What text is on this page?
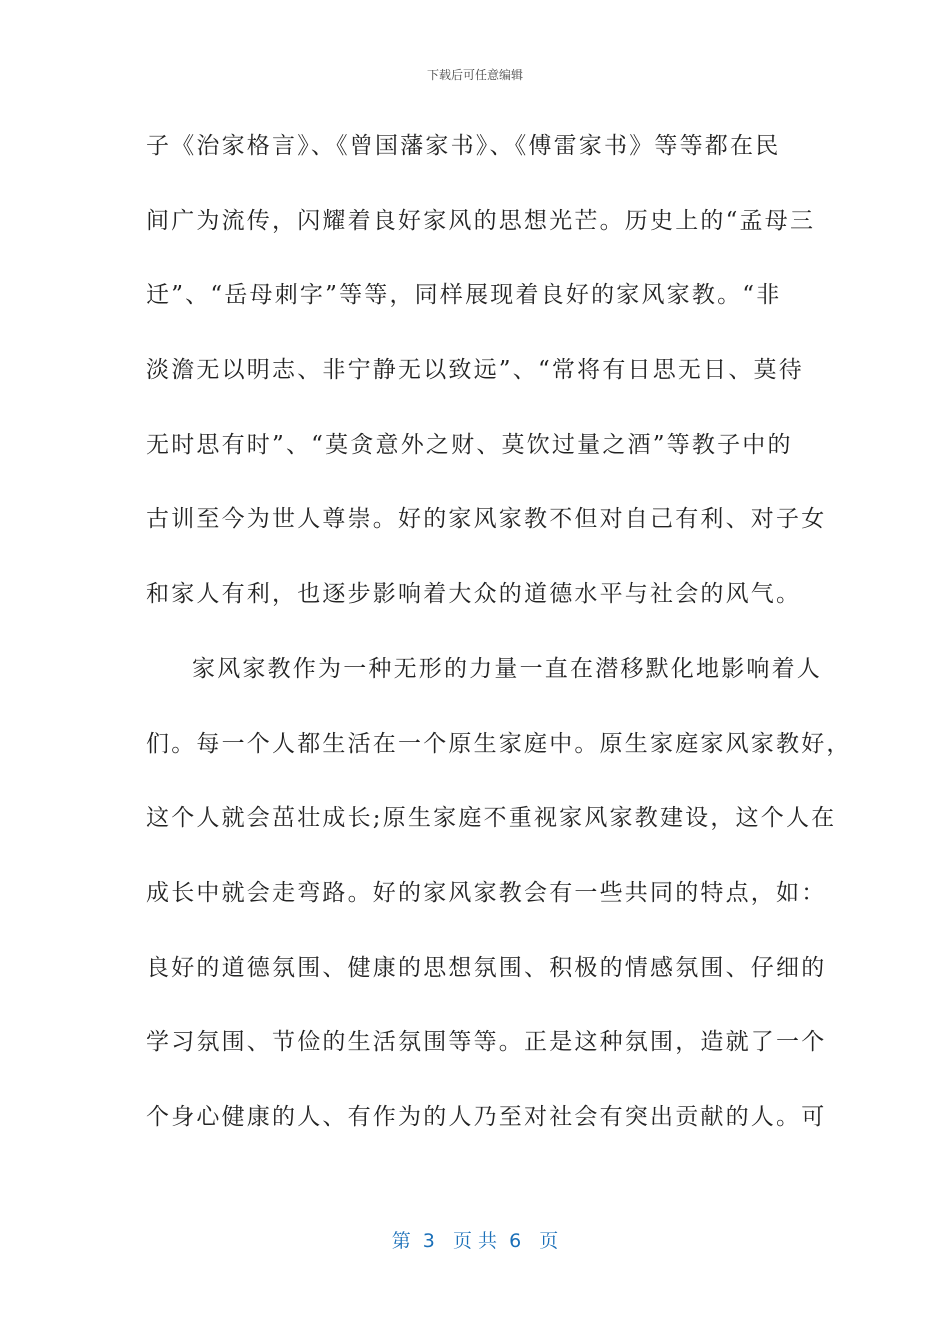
下载后可任意编辑
子《治家格言》、《曾国藩家书》、《傅雷家书》等等都在民
间广为流传，闪耀着良好家风的思想光芒。历史上的“孟母三
迁”、“岳母刺字”等等，同样展现着良好的家风家教。“非
淡澹无以明志、非宁静无以致远”、“常将有日思无日、莫待
无时思有时”、“莫贪意外之财、莫饮过量之酒”等教子中的
古训至今为世人尊崇。好的家风家教不但对自己有利、对子女
和家人有利，也逐步影响着大众的道德水平与社会的风气。
家风家教作为一种无形的力量一直在潜移默化地影响着人
们。每一个人都生活在一个原生家庭中。原生家庭家风家教好，
这个人就会茁壮成长;原生家庭不重视家风家教建设，这个人在
成长中就会走弯路。好的家风家教会有一些共同的特点，如：
良好的道德氛围、健康的思想氛围、积极的情感氛围、仔细的
学习氛围、节俭的生活氛围等等。正是这种氛围，造就了一个
个身心健康的人、有作为的人乃至对社会有突出贡献的人。可
第  3   页 共  6   页
